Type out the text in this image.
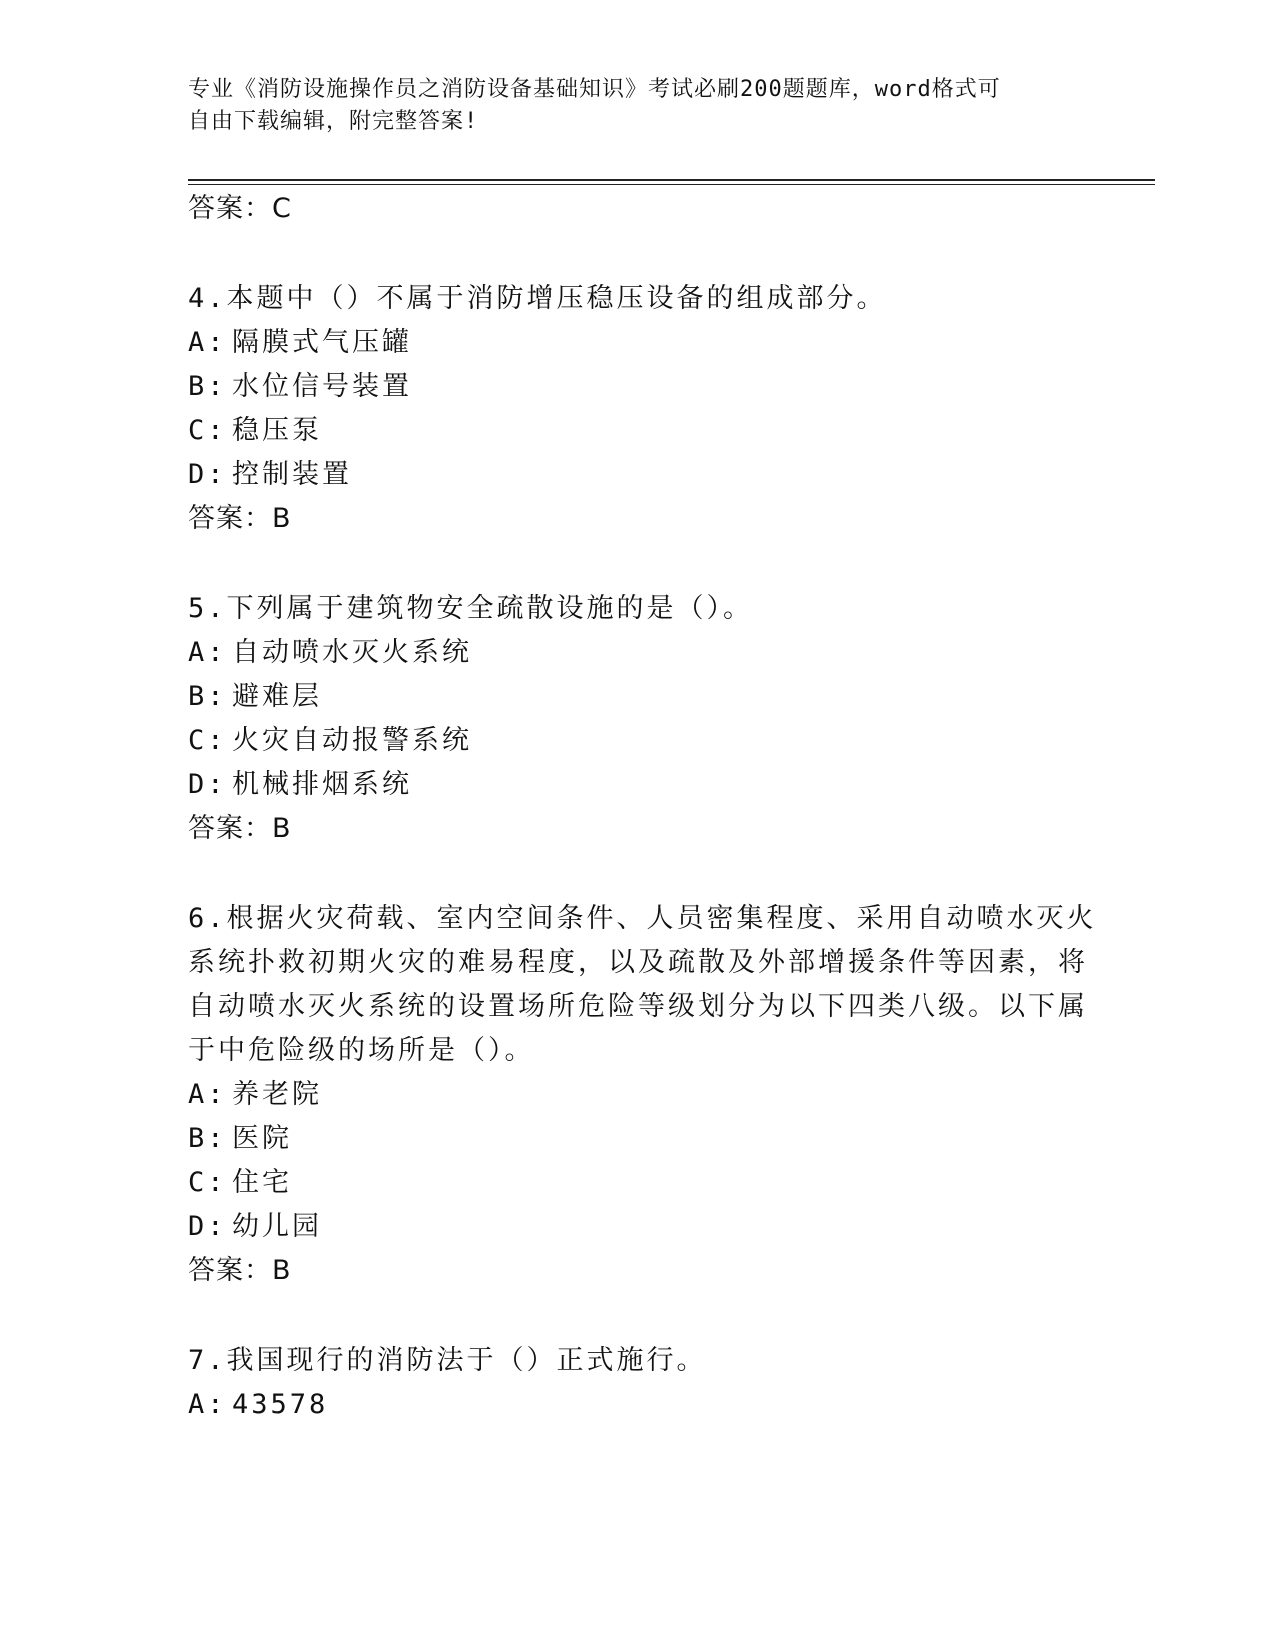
专业《消防设施操作员之消防设备基础知识》考试必刷200题题库，word格式可
自由下载编辑，附完整答案!
答案：C
4.本题中（）不属于消防增压稳压设备的组成部分。
A: 隔膜式气压罐
B: 水位信号装置
C: 稳压泵
D: 控制装置
答案：B
5.下列属于建筑物安全疏散设施的是（）。
A: 自动喷水灭火系统
B: 避难层
C: 火灾自动报警系统
D: 机械排烟系统
答案：B
6.根据火灾荷载、室内空间条件、人员密集程度、采用自动喷水灭火
系统扑救初期火灾的难易程度，以及疏散及外部增援条件等因素，将
自动喷水灭火系统的设置场所危险等级划分为以下四类八级。以下属
于中危险级的场所是（）。
A: 养老院
B: 医院
C: 住宅
D: 幼儿园
答案：B
7.我国现行的消防法于（）正式施行。
A: 43578
